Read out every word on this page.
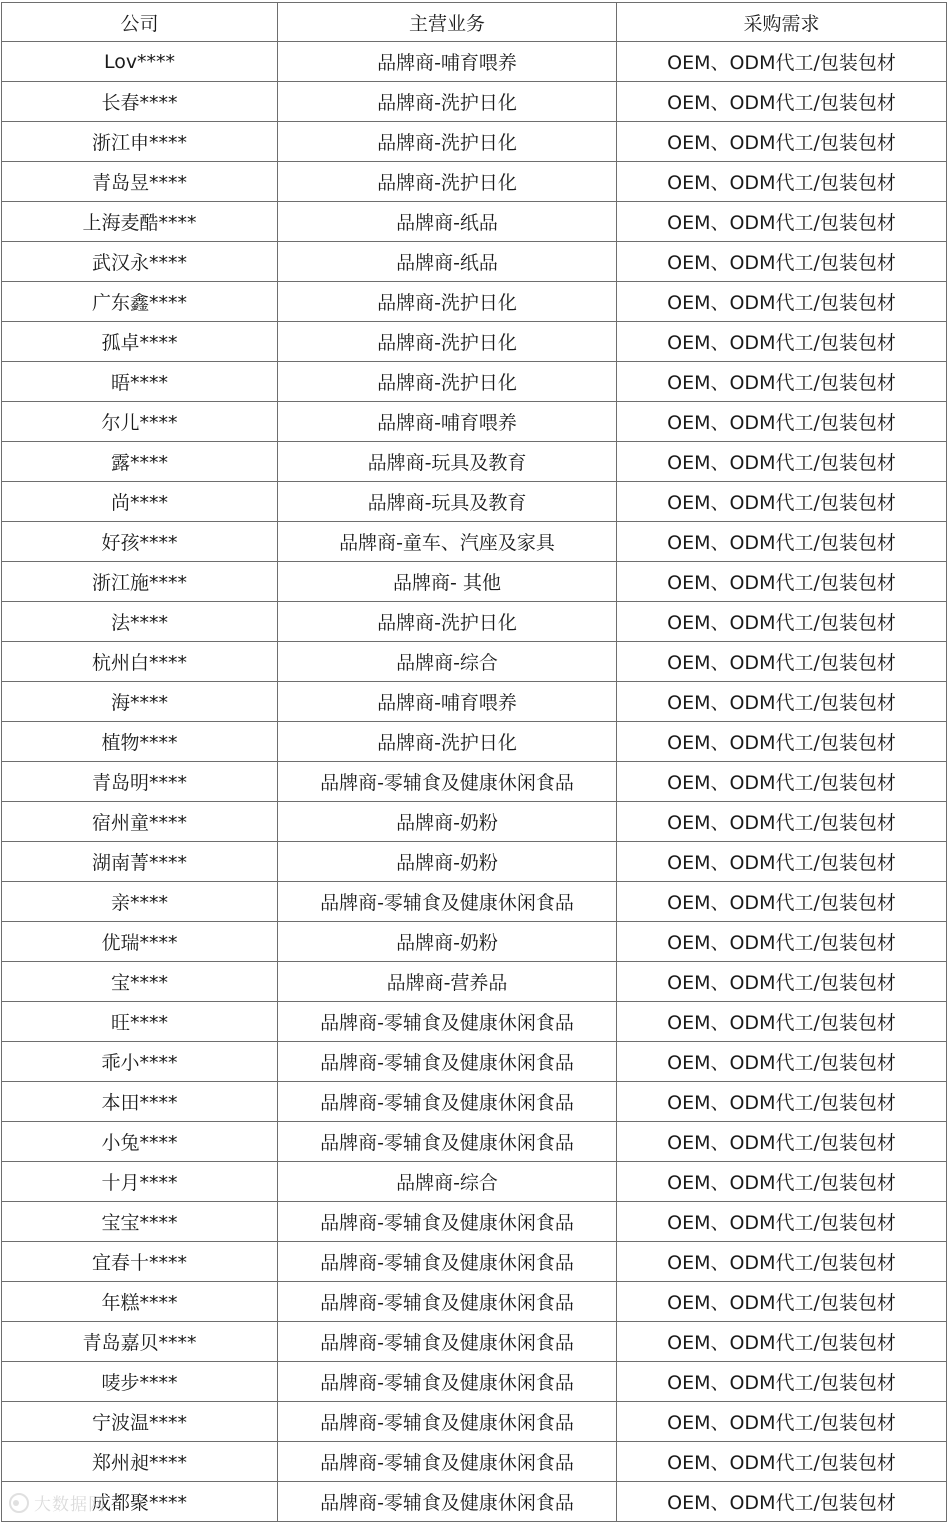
公司	主营业务	采购需求
Lov****	品牌商-哺育喂养	OEM、ODM代工/包装包材
长春****	品牌商-洗护日化	OEM、ODM代工/包装包材
浙江申****	品牌商-洗护日化	OEM、ODM代工/包装包材
青岛昱****	品牌商-洗护日化	OEM、ODM代工/包装包材
上海麦酷****	品牌商-纸品	OEM、ODM代工/包装包材
武汉永****	品牌商-纸品	OEM、ODM代工/包装包材
广东鑫****	品牌商-洗护日化	OEM、ODM代工/包装包材
孤卓****	品牌商-洗护日化	OEM、ODM代工/包装包材
晤****	品牌商-洗护日化	OEM、ODM代工/包装包材
尔儿****	品牌商-哺育喂养	OEM、ODM代工/包装包材
露****	品牌商-玩具及教育	OEM、ODM代工/包装包材
尚****	品牌商-玩具及教育	OEM、ODM代工/包装包材
好孩****	品牌商-童车、汽座及家具	OEM、ODM代工/包装包材
浙江施****	品牌商- 其他	OEM、ODM代工/包装包材
法****	品牌商-洗护日化	OEM、ODM代工/包装包材
杭州白****	品牌商-综合	OEM、ODM代工/包装包材
海****	品牌商-哺育喂养	OEM、ODM代工/包装包材
植物****	品牌商-洗护日化	OEM、ODM代工/包装包材
青岛明****	品牌商-零辅食及健康休闲食品	OEM、ODM代工/包装包材
宿州童****	品牌商-奶粉	OEM、ODM代工/包装包材
湖南菁****	品牌商-奶粉	OEM、ODM代工/包装包材
亲****	品牌商-零辅食及健康休闲食品	OEM、ODM代工/包装包材
优瑞****	品牌商-奶粉	OEM、ODM代工/包装包材
宝****	品牌商-营养品	OEM、ODM代工/包装包材
旺****	品牌商-零辅食及健康休闲食品	OEM、ODM代工/包装包材
乖小****	品牌商-零辅食及健康休闲食品	OEM、ODM代工/包装包材
本田****	品牌商-零辅食及健康休闲食品	OEM、ODM代工/包装包材
小兔****	品牌商-零辅食及健康休闲食品	OEM、ODM代工/包装包材
十月****	品牌商-综合	OEM、ODM代工/包装包材
宝宝****	品牌商-零辅食及健康休闲食品	OEM、ODM代工/包装包材
宜春十****	品牌商-零辅食及健康休闲食品	OEM、ODM代工/包装包材
年糕****	品牌商-零辅食及健康休闲食品	OEM、ODM代工/包装包材
青岛嘉贝****	品牌商-零辅食及健康休闲食品	OEM、ODM代工/包装包材
唛步****	品牌商-零辅食及健康休闲食品	OEM、ODM代工/包装包材
宁波温****	品牌商-零辅食及健康休闲食品	OEM、ODM代工/包装包材
郑州昶****	品牌商-零辅食及健康休闲食品	OEM、ODM代工/包装包材
成都聚****	品牌商-零辅食及健康休闲食品	OEM、ODM代工/包装包材
大数据网
